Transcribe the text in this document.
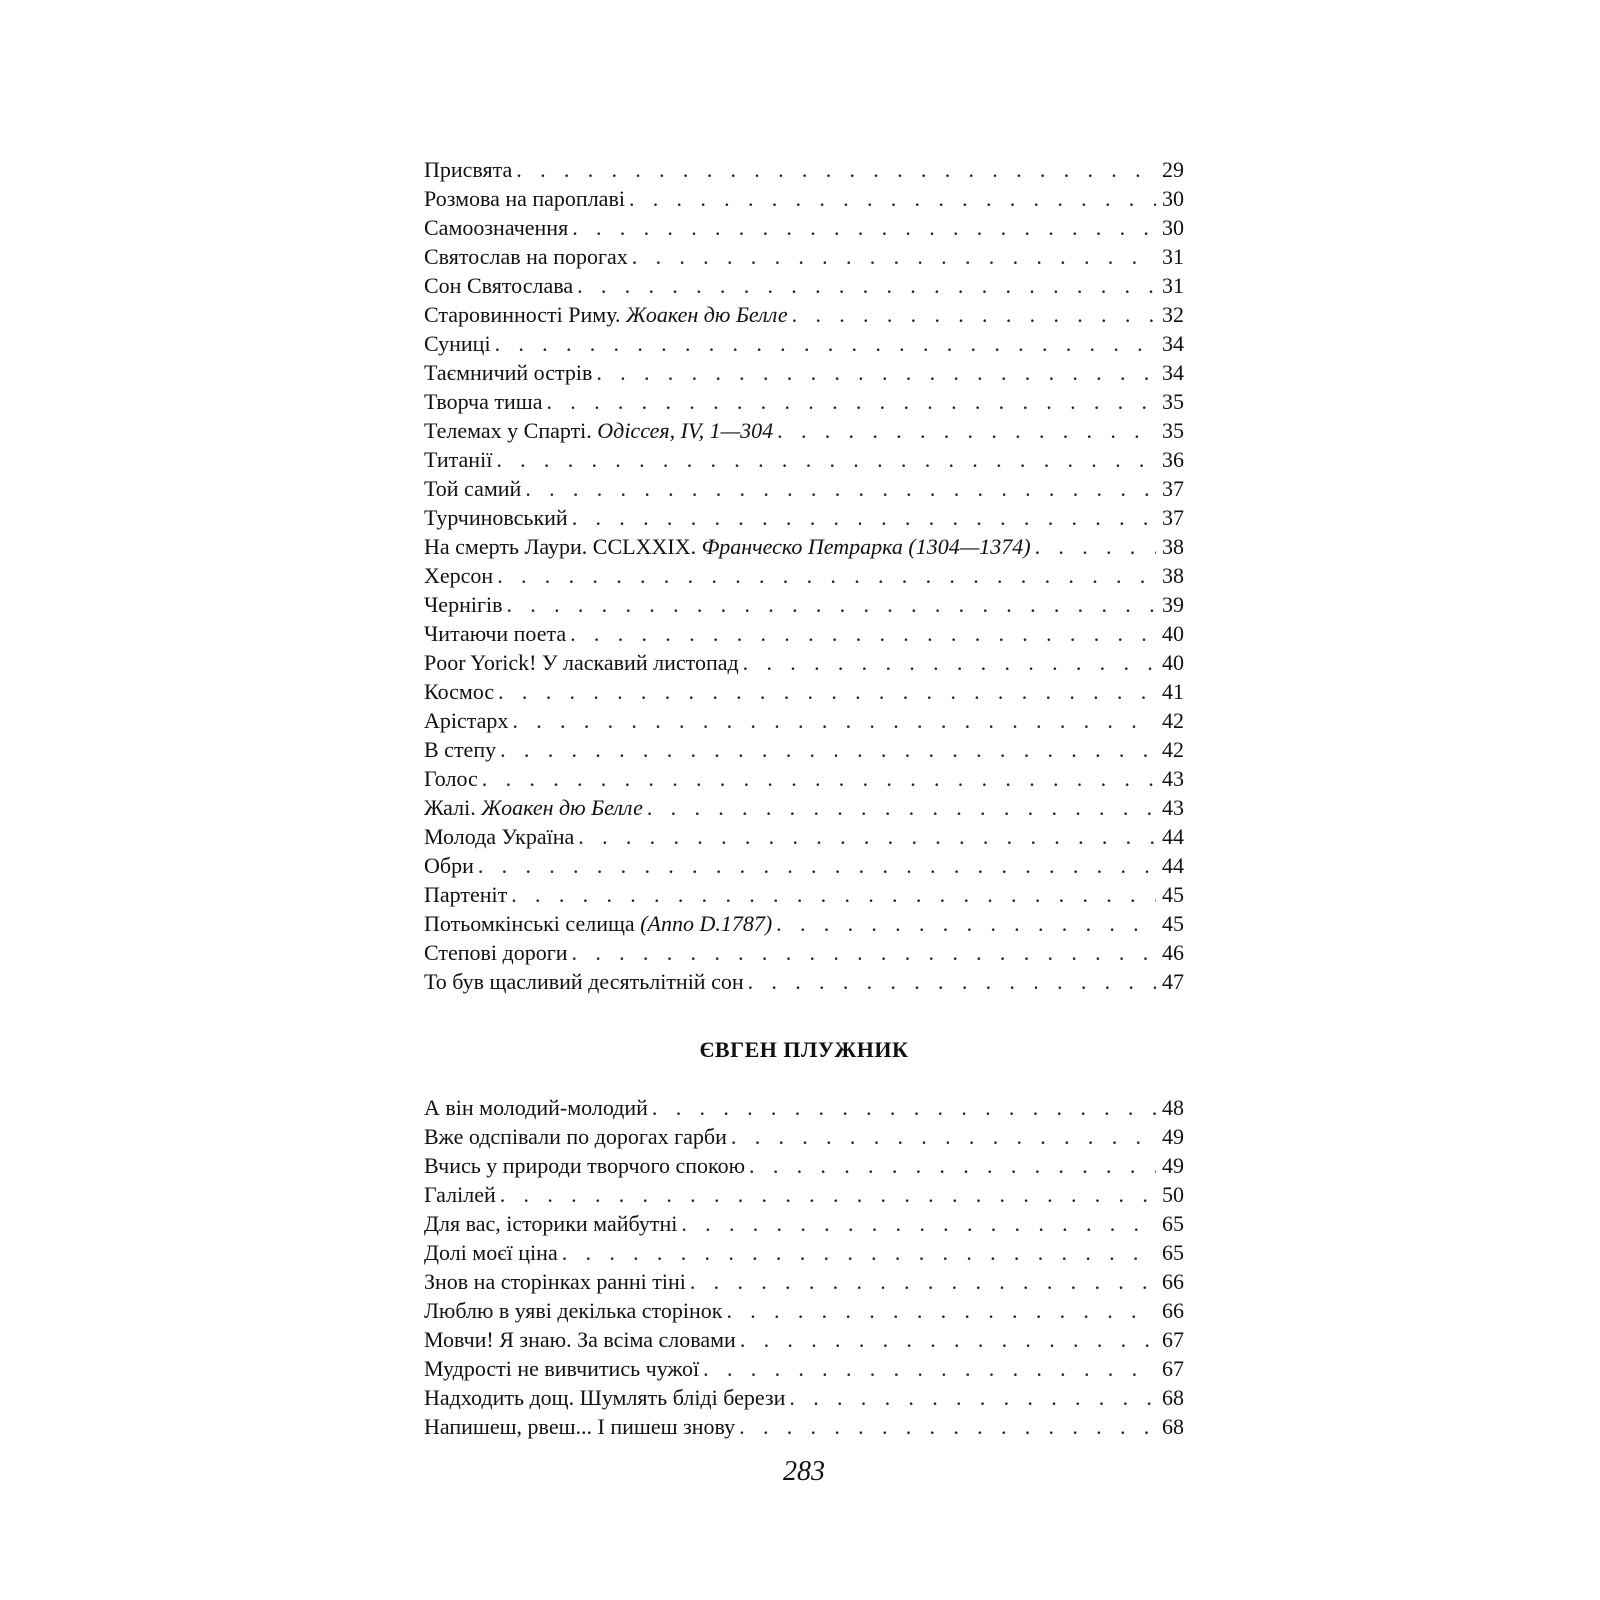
Присвята . . .	29
Розмова на пароплаві . . .	30
Самоозначення . . .	30
Святослав на порогах . . .	31
Сон Святослава . . .	31
Старовинності Риму. Жоакен дю Белле . . .	32
Суниці . . .	34
Таємничий острів . . .	34
Творча тиша . . .	35
Телемах у Спарті. Одіссея, IV, 1—304 . . .	35
Титанії . . .	36
Той самий . . .	37
Турчиновський . . .	37
На смерть Лаури. CCLXXIX. Франческо Петрарка (1304—1374) . . .	38
Херсон . . .	38
Чернігів . . .	39
Читаючи поета . . .	40
Poor Yorick! У ласкавий листопад . . .	40
Космос . . .	41
Арістарх . . .	42
В степу . . .	42
Голос . . .	43
Жалі. Жоакен дю Белле . . .	43
Молода Україна . . .	44
Обри . . .	44
Партеніт . . .	45
Потьомкінські селища (Anno D.1787) . . .	45
Степові дороги . . .	46
То був щасливий десятьлітній сон . . .	47
ЄВГЕН ПЛУЖНИК
А він молодий-молодий . . .	48
Вже одспівали по дорогах гарби . . .	49
Вчись у природи творчого спокою . . .	49
Галілей . . .	50
Для вас, історики майбутні . . .	65
Долі моєї ціна . . .	65
Знов на сторінках ранні тіні . . .	66
Люблю в уяві декілька сторінок . . .	66
Мовчи! Я знаю. За всіма словами . . .	67
Мудрості не вивчитись чужої . . .	67
Надходить дощ. Шумлять бліді берези . . .	68
Напишеш, рвеш... І пишеш знову . . .	68
283
